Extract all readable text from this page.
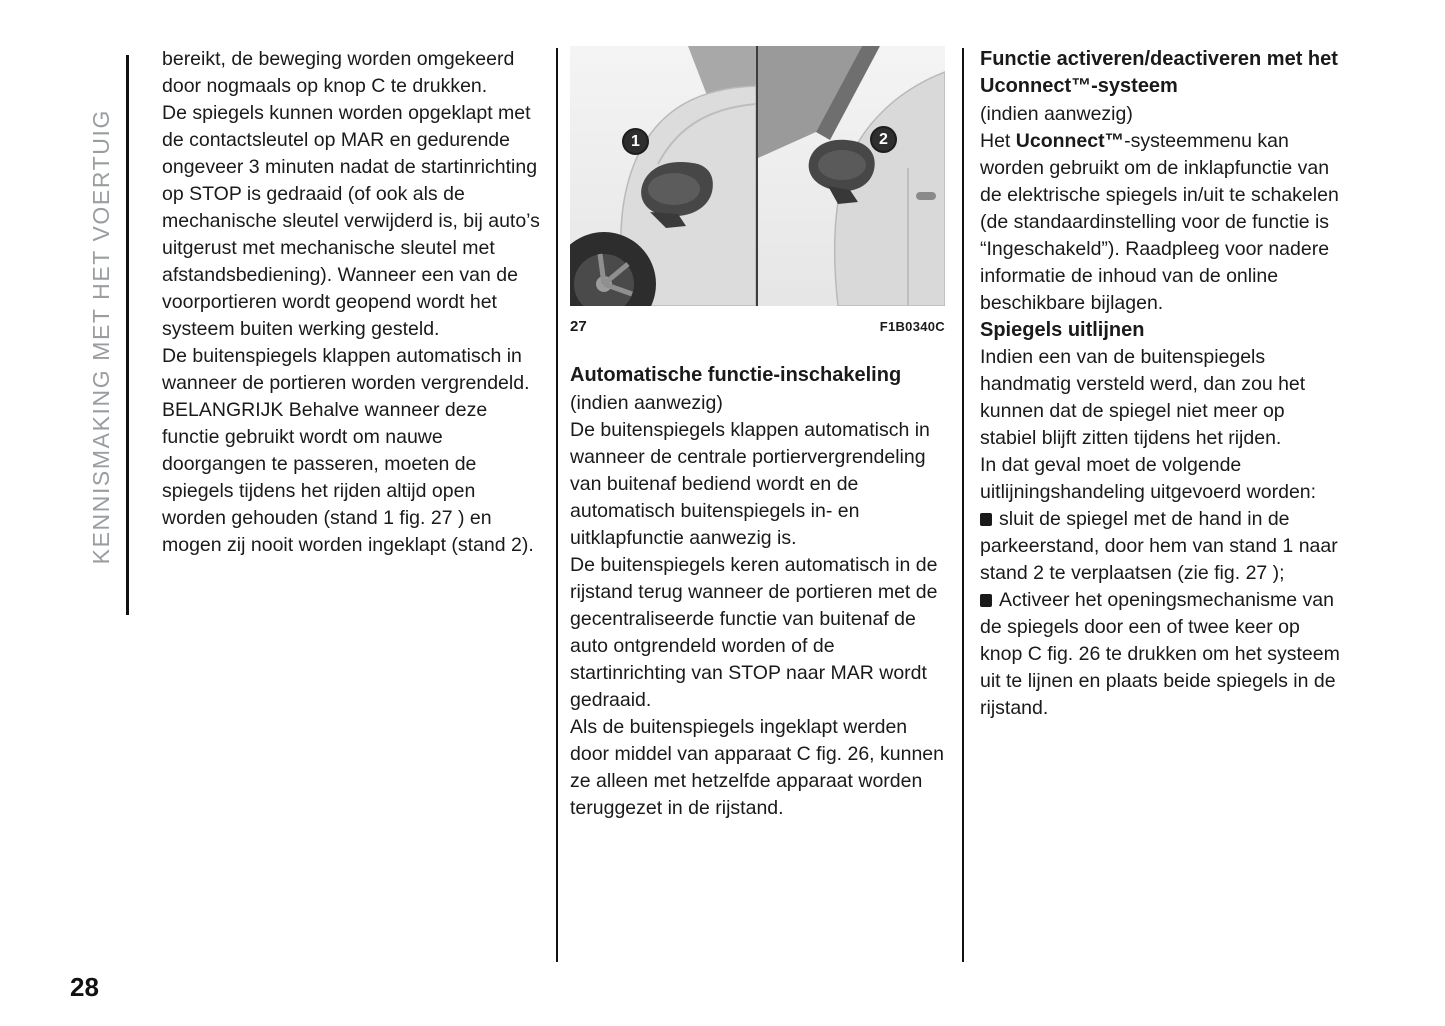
KENNISMAKING MET HET VOERTUIG
28

bereikt, de beweging worden omgekeerd door nogmaals op knop C te drukken.

De spiegels kunnen worden opgeklapt met de contactsleutel op MAR en gedurende ongeveer 3 minuten nadat de startinrichting op STOP is gedraaid (of ook als de mechanische sleutel verwijderd is, bij auto’s uitgerust met mechanische sleutel met afstandsbediening). Wanneer een van de voorportieren wordt geopend wordt het systeem buiten werking gesteld.

De buitenspiegels klappen automatisch in wanneer de portieren worden vergrendeld.

BELANGRIJK Behalve wanneer deze functie gebruikt wordt om nauwe doorgangen te passeren, moeten de spiegels tijdens het rijden altijd open worden gehouden (stand 1 fig. 27 ) en mogen zij nooit worden ingeklapt (stand 2).

1	2
27	F1B0340C

Automatische functie-inschakeling

(indien aanwezig)

De buitenspiegels klappen automatisch in wanneer de centrale portiervergrendeling van buitenaf bediend wordt en de automatisch buitenspiegels in- en uitklapfunctie aanwezig is.

De buitenspiegels keren automatisch in de rijstand terug wanneer de portieren met de gecentraliseerde functie van buitenaf de auto ontgrendeld worden of de startinrichting van STOP naar MAR wordt gedraaid.

Als de buitenspiegels ingeklapt werden door middel van apparaat C fig. 26, kunnen ze alleen met hetzelfde apparaat worden teruggezet in de rijstand.

Functie activeren/deactiveren met het Uconnect™-systeem

(indien aanwezig)

Het Uconnect™-systeemmenu kan worden gebruikt om de inklapfunctie van de elektrische spiegels in/uit te schakelen (de standaardinstelling voor de functie is “Ingeschakeld”). Raadpleeg voor nadere informatie de inhoud van de online beschikbare bijlagen.

Spiegels uitlijnen

Indien een van de buitenspiegels handmatig versteld werd, dan zou het kunnen dat de spiegel niet meer op stabiel blijft zitten tijdens het rijden.

In dat geval moet de volgende uitlijningshandeling uitgevoerd worden:

sluit de spiegel met de hand in de parkeerstand, door hem van stand 1 naar stand 2 te verplaatsen (zie fig. 27 );

Activeer het openingsmechanisme van de spiegels door een of twee keer op knop C fig. 26 te drukken om het systeem uit te lijnen en plaats beide spiegels in de rijstand.
